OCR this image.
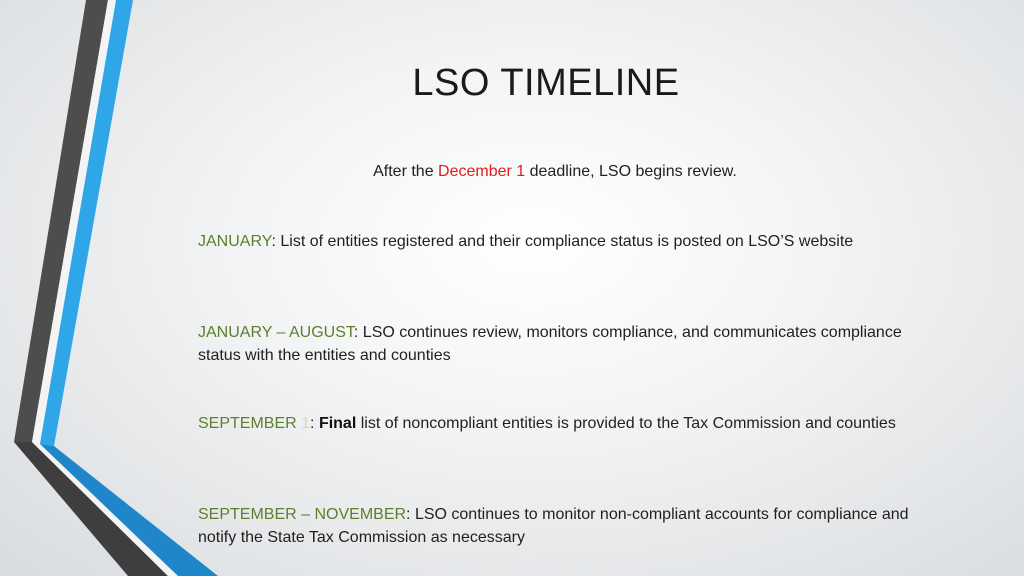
LSO TIMELINE

After the December 1 deadline, LSO begins review.

JANUARY: List of entities registered and their compliance status is posted on LSO’S website

JANUARY – AUGUST: LSO continues review, monitors compliance, and communicates compliance status with the entities and counties

SEPTEMBER 1: Final list of noncompliant entities is provided to the Tax Commission and counties

SEPTEMBER – NOVEMBER: LSO continues to monitor non-compliant accounts for compliance and notify the State Tax Commission as necessary
